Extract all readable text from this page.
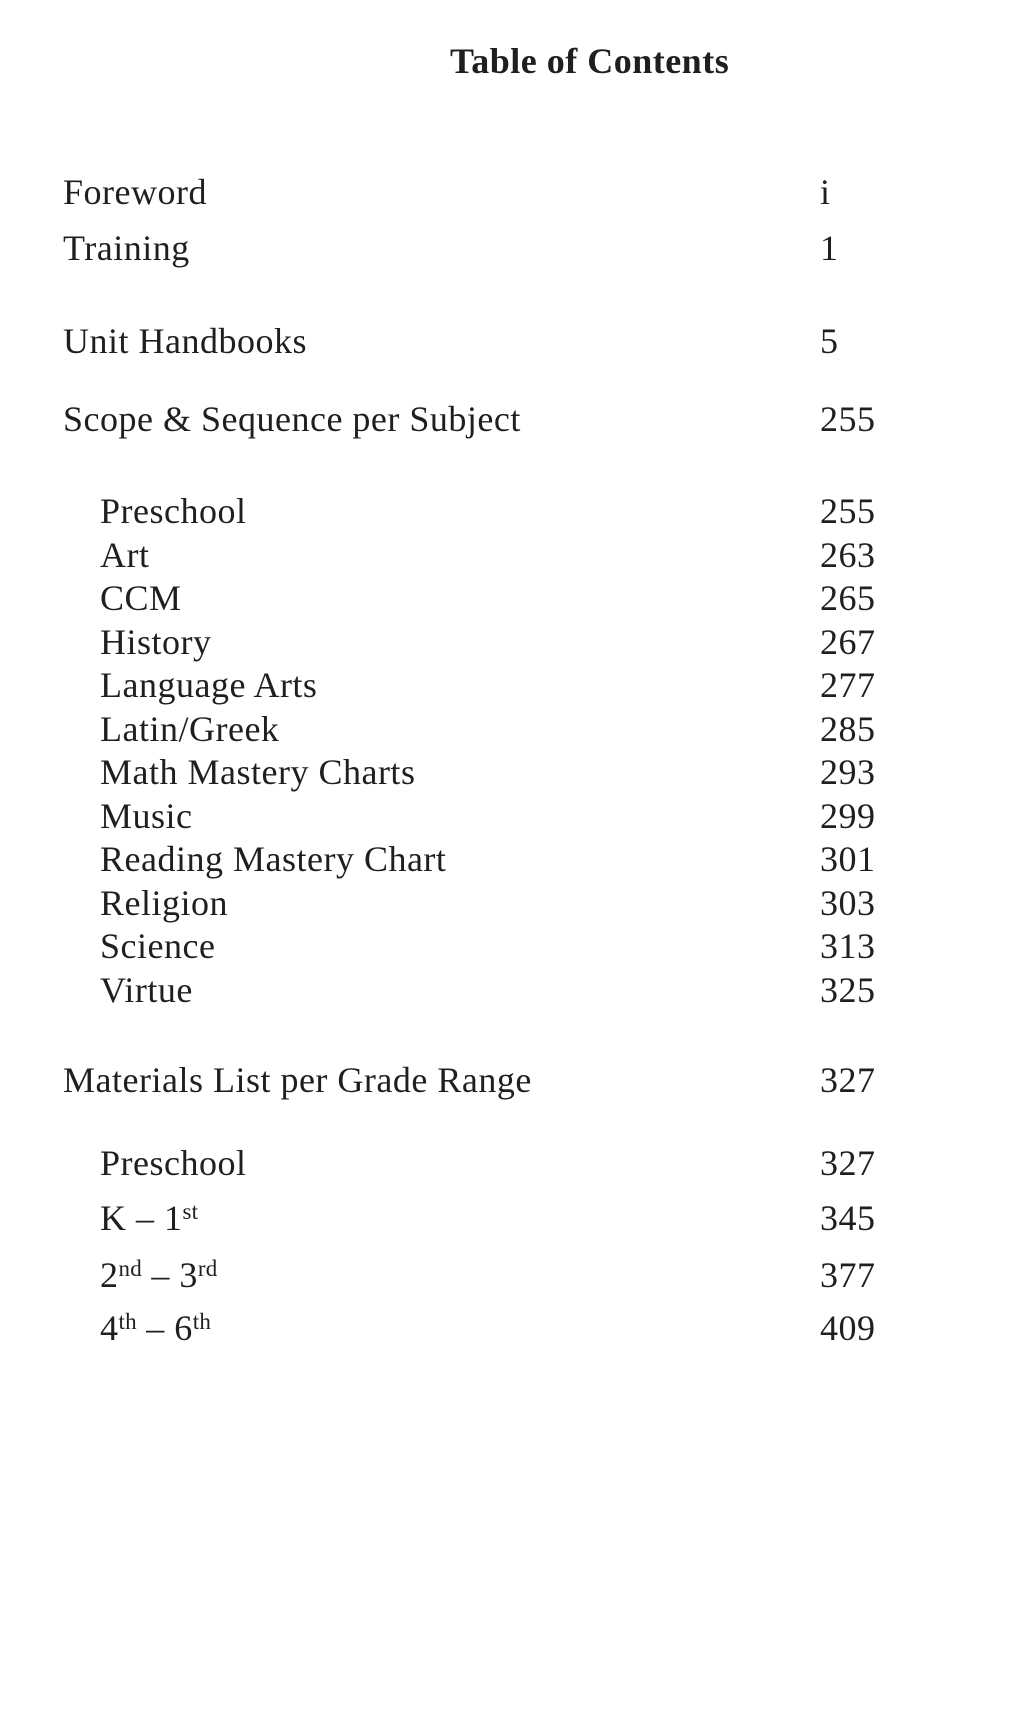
Table of Contents
Foreword	i
Training	1
Unit Handbooks	5
Scope & Sequence per Subject	255
Preschool	255
Art	263
CCM	265
History	267
Language Arts	277
Latin/Greek	285
Math Mastery Charts	293
Music	299
Reading Mastery Chart	301
Religion	303
Science	313
Virtue	325
Materials List per Grade Range	327
Preschool	327
K – 1st	345
2nd – 3rd	377
4th – 6th	409
